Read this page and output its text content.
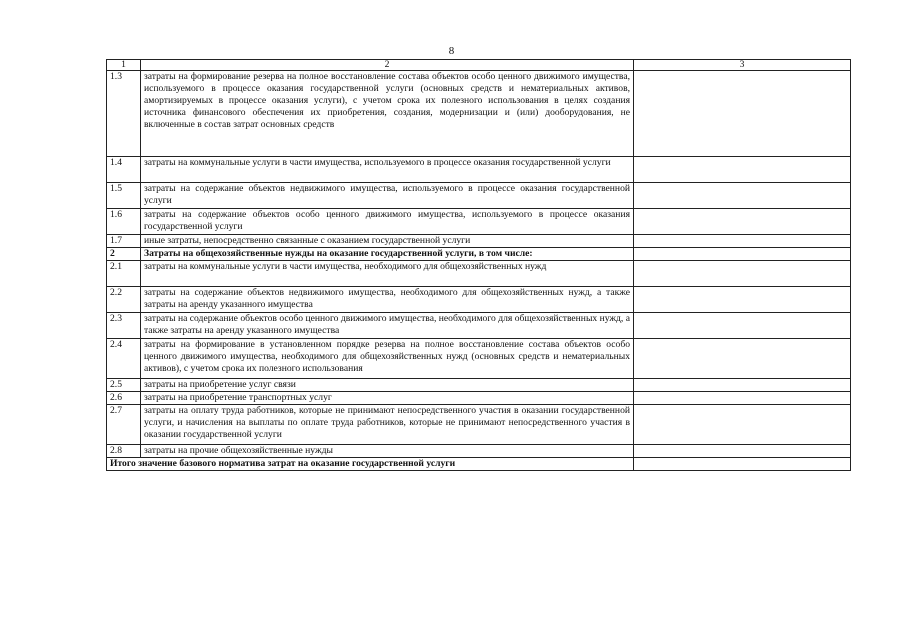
8
1	2	3
1.3	затраты на формирование резерва на полное восстановление состава объектов особо ценного движимого имущества, используемого в процессе оказания государственной услуги (основных средств и нематериальных активов, амортизируемых в процессе оказания услуги), с учетом срока их полезного использования в целях создания источника финансового обеспечения их приобретения, создания, модернизации и (или) дооборудования, не включенные в состав затрат основных средств	
1.4	затраты на коммунальные услуги в части имущества, используемого в процессе оказания государственной услуги	
1.5	затраты на содержание объектов недвижимого имущества, используемого в процессе оказания государственной услуги	
1.6	затраты на содержание объектов особо ценного движимого имущества, используемого в процессе оказания государственной услуги	
1.7	иные затраты, непосредственно связанные с оказанием государственной услуги	
2	Затраты на общехозяйственные нужды на оказание государственной услуги, в том числе:	
2.1	затраты на коммунальные услуги в части имущества, необходимого для общехозяйственных нужд	
2.2	затраты на содержание объектов недвижимого имущества, необходимого для общехозяйственных нужд, а также затраты на аренду указанного имущества	
2.3	затраты на содержание объектов особо ценного движимого имущества, необходимого для общехозяйственных нужд, а также затраты на аренду указанного имущества	
2.4	затраты на формирование в установленном порядке резерва на полное восстановление состава объектов особо ценного движимого имущества, необходимого для общехозяйственных нужд (основных средств и нематериальных активов), с учетом срока их полезного использования	
2.5	затраты на приобретение услуг связи	
2.6	затраты на приобретение транспортных услуг	
2.7	затраты на оплату труда работников, которые не принимают непосредственного участия в оказании государственной услуги, и начисления на выплаты по оплате труда работников, которые не принимают непосредственного участия в оказании государственной услуги	
2.8	затраты на прочие общехозяйственные нужды	
Итого значение базового норматива затрат на оказание государственной услуги		
